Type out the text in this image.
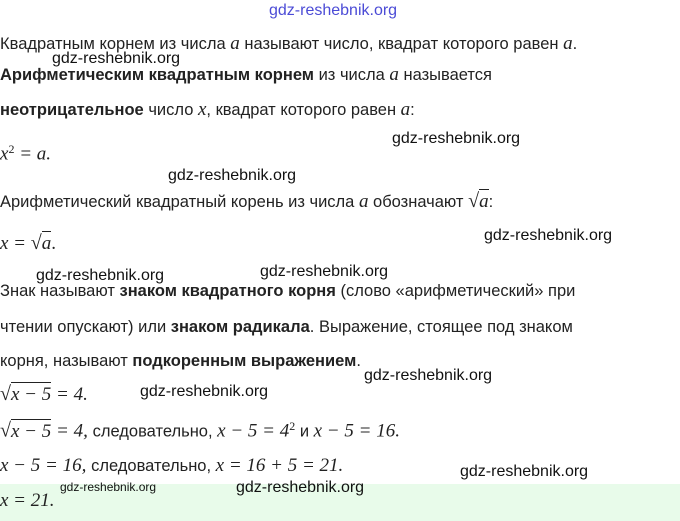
gdz-reshebnik.org
gdz-reshebnik.org
gdz-reshebnik.org
gdz-reshebnik.org
gdz-reshebnik.org
gdz-reshebnik.org	gdz-reshebnik.org
gdz-reshebnik.org
gdz-reshebnik.org
gdz-reshebnik.org
Квадратным корнем из числа a называют число, квадрат которого равен a.
Арифметическим квадратным корнем из числа a называется
неотрицательное число x, квадрат которого равен a:
$x^2 = a$.
Арифметический квадратный корень из числа a обозначают √a:
x = √a.
Знак называют знаком квадратного корня (слово «арифметический» при
чтении опускают) или знаком радикала. Выражение, стоящее под знаком
корня, называют подкоренным выражением.
√x − 5 = 4.
√x − 5 = 4, следовательно, $x - 5 = 4^2$ и x − 5 = 16.
x − 5 = 16, следовательно, x = 16 + 5 = 21.
x = 21.
gdz-reshebnik.org	gdz-reshebnik.org
